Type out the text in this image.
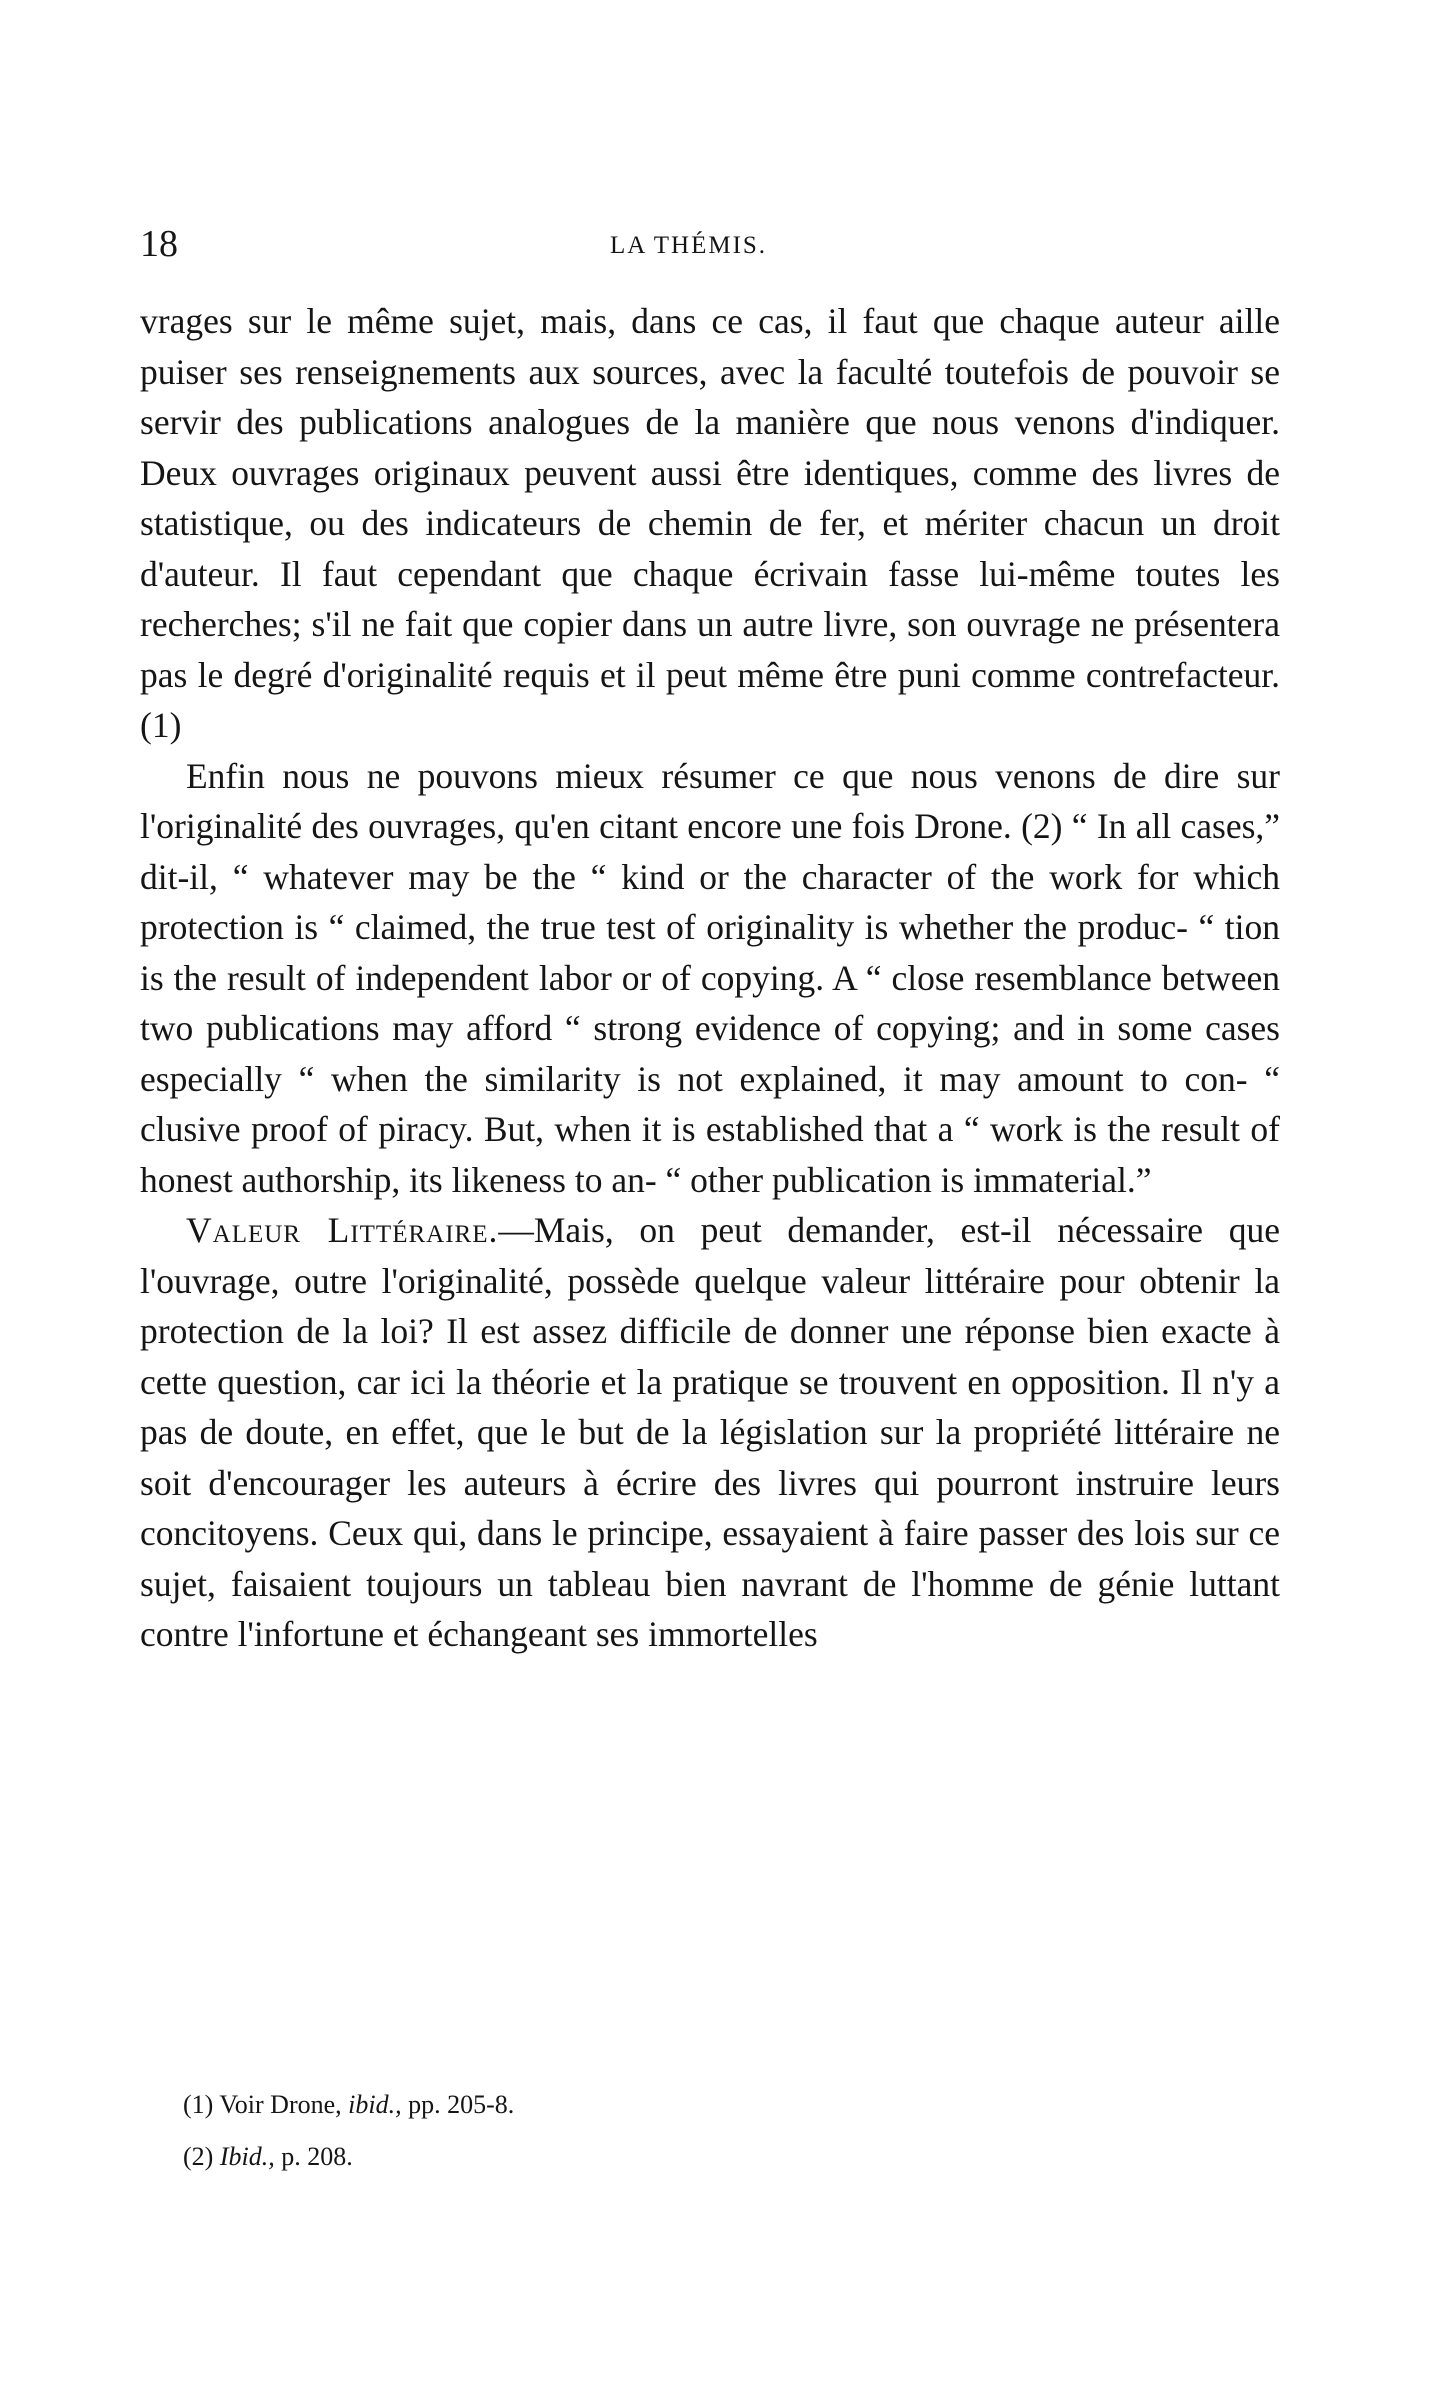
18	LA THÉMIS.

vrages sur le même sujet, mais, dans ce cas, il faut que chaque auteur aille puiser ses renseignements aux sources, avec la faculté toutefois de pouvoir se servir des publications analogues de la manière que nous venons d'indiquer. Deux ouvrages originaux peuvent aussi être identiques, comme des livres de statistique, ou des indicateurs de chemin de fer, et mériter chacun un droit d'auteur. Il faut cependant que chaque écrivain fasse lui-même toutes les recherches; s'il ne fait que copier dans un autre livre, son ouvrage ne présentera pas le degré d'originalité requis et il peut même être puni comme contrefacteur. (1)

Enfin nous ne pouvons mieux résumer ce que nous venons de dire sur l'originalité des ouvrages, qu'en citant encore une fois Drone. (2) “ In all cases,” dit-il, “ whatever may be the “ kind or the character of the work for which protection is “ claimed, the true test of originality is whether the produc- “ tion is the result of independent labor or of copying. A “ close resemblance between two publications may afford “ strong evidence of copying; and in some cases especially “ when the similarity is not explained, it may amount to con- “ clusive proof of piracy. But, when it is established that a “ work is the result of honest authorship, its likeness to an- “ other publication is immaterial.”

Valeur Littéraire.—Mais, on peut demander, est-il nécessaire que l'ouvrage, outre l'originalité, possède quelque valeur littéraire pour obtenir la protection de la loi? Il est assez difficile de donner une réponse bien exacte à cette question, car ici la théorie et la pratique se trouvent en opposition. Il n'y a pas de doute, en effet, que le but de la législation sur la propriété littéraire ne soit d'encourager les auteurs à écrire des livres qui pourront instruire leurs concitoyens. Ceux qui, dans le principe, essayaient à faire passer des lois sur ce sujet, faisaient toujours un tableau bien navrant de l'homme de génie luttant contre l'infortune et échangeant ses immortelles

(1) Voir Drone, ibid., pp. 205-8.

(2) Ibid., p. 208.
